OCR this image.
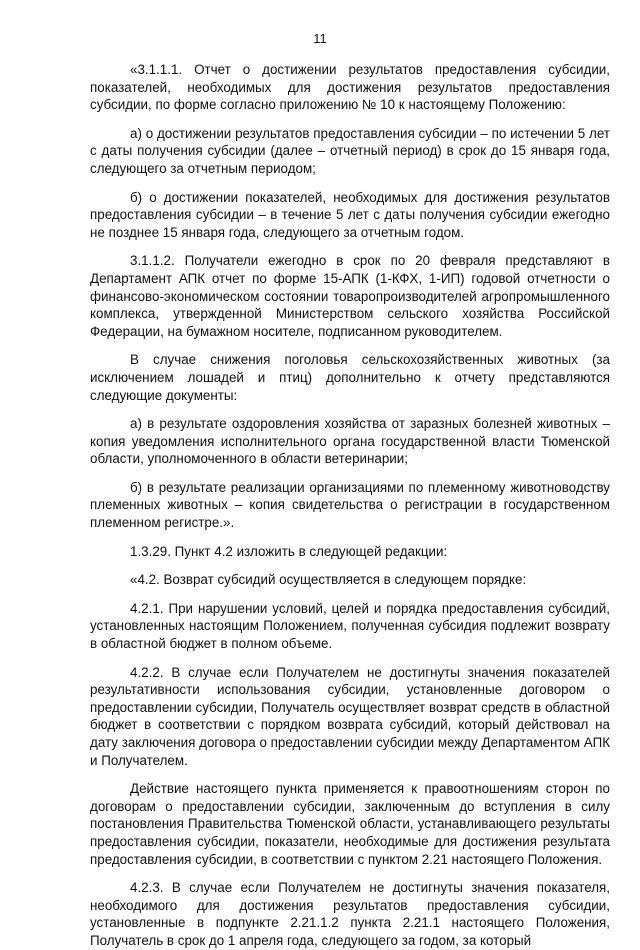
11

«3.1.1.1. Отчет о достижении результатов предоставления субсидии, показателей, необходимых для достижения результатов предоставления субсидии, по форме согласно приложению № 10 к настоящему Положению:

а) о достижении результатов предоставления субсидии – по истечении 5 лет с даты получения субсидии (далее – отчетный период) в срок до 15 января года, следующего за отчетным периодом;

б) о достижении показателей, необходимых для достижения результатов предоставления субсидии – в течение 5 лет с даты получения субсидии ежегодно не позднее 15 января года, следующего за отчетным годом.

3.1.1.2. Получатели ежегодно в срок по 20 февраля представляют в Департамент АПК отчет по форме 15-АПК (1-КФХ, 1-ИП) годовой отчетности о финансово-экономическом состоянии товаропроизводителей агропромышленного комплекса, утвержденной Министерством сельского хозяйства Российской Федерации, на бумажном носителе, подписанном руководителем.

В случае снижения поголовья сельскохозяйственных животных (за исключением лошадей и птиц) дополнительно к отчету представляются следующие документы:

а) в результате оздоровления хозяйства от заразных болезней животных – копия уведомления исполнительного органа государственной власти Тюменской области, уполномоченного в области ветеринарии;

б) в результате реализации организациями по племенному животноводству племенных животных – копия свидетельства о регистрации в государственном племенном регистре.».

1.3.29. Пункт 4.2 изложить в следующей редакции:

«4.2. Возврат субсидий осуществляется в следующем порядке:

4.2.1. При нарушении условий, целей и порядка предоставления субсидий, установленных настоящим Положением, полученная субсидия подлежит возврату в областной бюджет в полном объеме.

4.2.2. В случае если Получателем не достигнуты значения показателей результативности использования субсидии, установленные договором о предоставлении субсидии, Получатель осуществляет возврат средств в областной бюджет в соответствии с порядком возврата субсидий, который действовал на дату заключения договора о предоставлении субсидии между Департаментом АПК и Получателем.

Действие настоящего пункта применяется к правоотношениям сторон по договорам о предоставлении субсидии, заключенным до вступления в силу постановления Правительства Тюменской области, устанавливающего результаты предоставления субсидии, показатели, необходимые для достижения результата предоставления субсидии, в соответствии с пунктом 2.21 настоящего Положения.

4.2.3. В случае если Получателем не достигнуты значения показателя, необходимого для достижения результатов предоставления субсидии, установленные в подпункте 2.21.1.2 пункта 2.21.1 настоящего Положения, Получатель в срок до 1 апреля года, следующего за годом, за который
